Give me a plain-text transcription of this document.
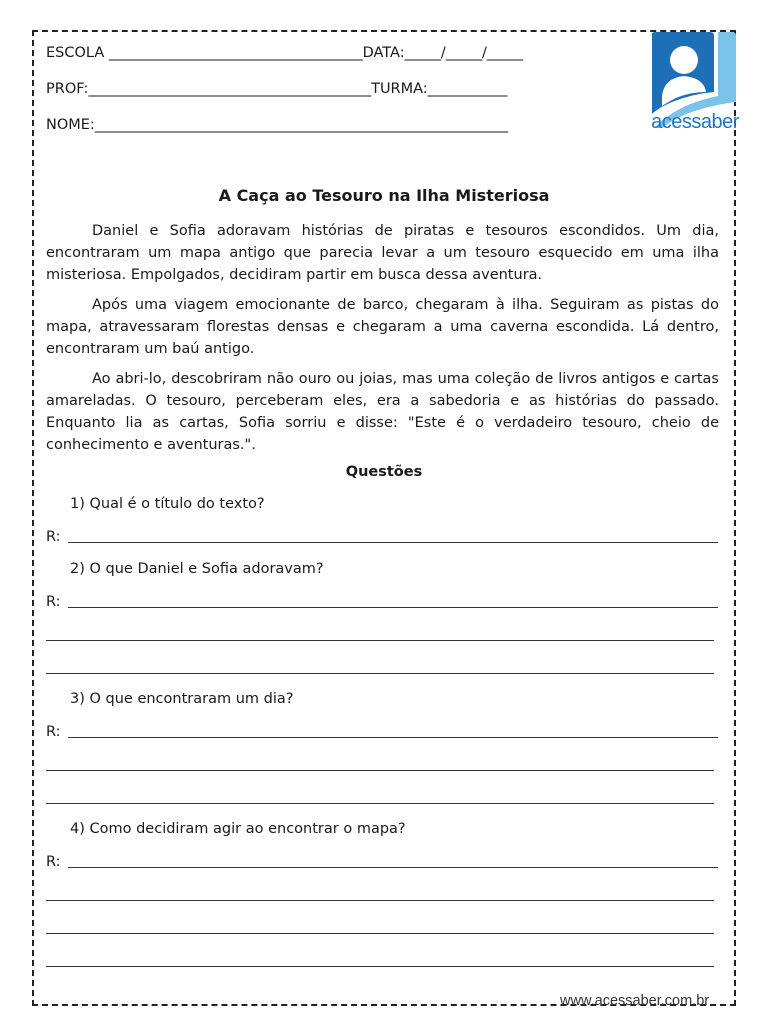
ESCOLA ___________________________________DATA:_____/_____/_____
PROF:_______________________________________TURMA:___________
NOME:_________________________________________________________	acessaber
A Caça ao Tesouro na Ilha Misteriosa

Daniel e Sofia adoravam histórias de piratas e tesouros escondidos. Um dia, encontraram um mapa antigo que parecia levar a um tesouro esquecido em uma ilha misteriosa. Empolgados, decidiram partir em busca dessa aventura.

Após uma viagem emocionante de barco, chegaram à ilha. Seguiram as pistas do mapa, atravessaram florestas densas e chegaram a uma caverna escondida. Lá dentro, encontraram um baú antigo.

Ao abri-lo, descobriram não ouro ou joias, mas uma coleção de livros antigos e cartas amareladas. O tesouro, perceberam eles, era a sabedoria e as histórias do passado. Enquanto lia as cartas, Sofia sorriu e disse: "Este é o verdadeiro tesouro, cheio de conhecimento e aventuras.".

Questões
1) Qual é o título do texto?
R:
2) O que Daniel e Sofia adoravam?
R:
3) O que encontraram um dia?
R:
4) Como decidiram agir ao encontrar o mapa?
R:
www.acessaber.com.br
